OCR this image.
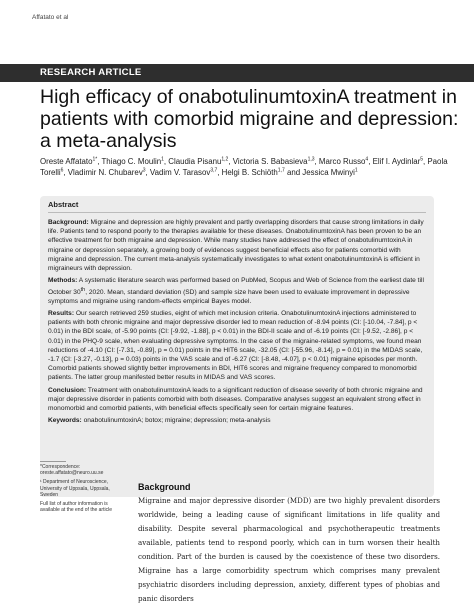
Affatato et al
RESEARCH ARTICLE
High efficacy of onabotulinumtoxinA treatment in patients with comorbid migraine and depression: a meta-analysis
Oreste Affatato$^{1*}$, Thiago C. Moulin$^1$, Claudia Pisanu$^{1,2}$, Victoria S. Babasieva$^{1,3}$, Marco Russo$^4$, Elif I. Aydinlar$^5$, Paola Torelli$^6$, Vladimir N. Chubarev$^3$, Vadim V. Tarasov$^{3,7}$, Helgi B. Schiöth$^{1,7}$ and Jessica Mwinyi$^1$
Abstract

Background: Migraine and depression are highly prevalent and partly overlapping disorders that cause strong limitations in daily life. Patients tend to respond poorly to the therapies available for these diseases. OnabotulinumtoxinA has been proven to be an effective treatment for both migraine and depression. While many studies have addressed the effect of onabotulinumtoxinA in migraine or depression separately, a growing body of evidences suggest beneficial effects also for patients comorbid with migraine and depression. The current meta-analysis systematically investigates to what extent onabotulinumtoxinA is efficient in migraineurs with depression.

Methods: A systematic literature search was performed based on PubMed, Scopus and Web of Science from the earliest date till October 30th, 2020. Mean, standard deviation (SD) and sample size have been used to evaluate improvement in depressive symptoms and migraine using random-effects empirical Bayes model.

Results: Our search retrieved 259 studies, eight of which met inclusion criteria. OnabotulinumtoxinA injections administered to patients with both chronic migraine and major depressive disorder led to mean reduction of -8.94 points (CI: [-10.04, -7.84], p < 0.01) in the BDI scale, of -5.90 points (CI: [-9.92, -1.88], p < 0.01) in the BDI-II scale and of -6.19 points (CI: [-9.52, -2.86], p < 0.01) in the PHQ-9 scale, when evaluating depressive symptoms. In the case of the migraine-related symptoms, we found mean reductions of -4.10 (CI: [-7.31, -0.89], p = 0.01) points in the HIT6 scale, -32.05 (CI: [-55.96, -8.14], p = 0.01) in the MIDAS scale, -1.7 (CI: [-3.27, -0.13], p = 0.03) points in the VAS scale and of -6.27 (CI: [-8.48, -4.07], p < 0.01) migraine episodes per month. Comorbid patients showed slightly better improvements in BDI, HIT6 scores and migraine frequency compared to monomorbid patients. The latter group manifested better results in MIDAS and VAS scores.

Conclusion: Treatment with onabotulinumtoxinA leads to a significant reduction of disease severity of both chronic migraine and major depressive disorder in patients comorbid with both diseases. Comparative analyses suggest an equivalent strong effect in monomorbid and comorbid patients, with beneficial effects specifically seen for certain migraine features.

Keywords: onabotulinumtoxinA; botox; migraine; depression; meta-analysis

*Correspondence:
oreste.affatato@neuro.uu.se

¹ Department of Neuroscience, University of Uppsala, Uppsala, Sweden

Full list of author information is available at the end of the article

Background
Migraine and major depressive disorder (MDD) are two highly prevalent disorders worldwide, being a leading cause of significant limitations in life quality and disability. Despite several pharmacological and psychotherapeutic treatments available, patients tend to respond poorly, which can in turn worsen their health condition. Part of the burden is caused by the coexistence of these two disorders. Migraine has a large comorbidity spectrum which comprises many prevalent psychiatric disorders including depression, anxiety, different types of phobias and panic disorders
